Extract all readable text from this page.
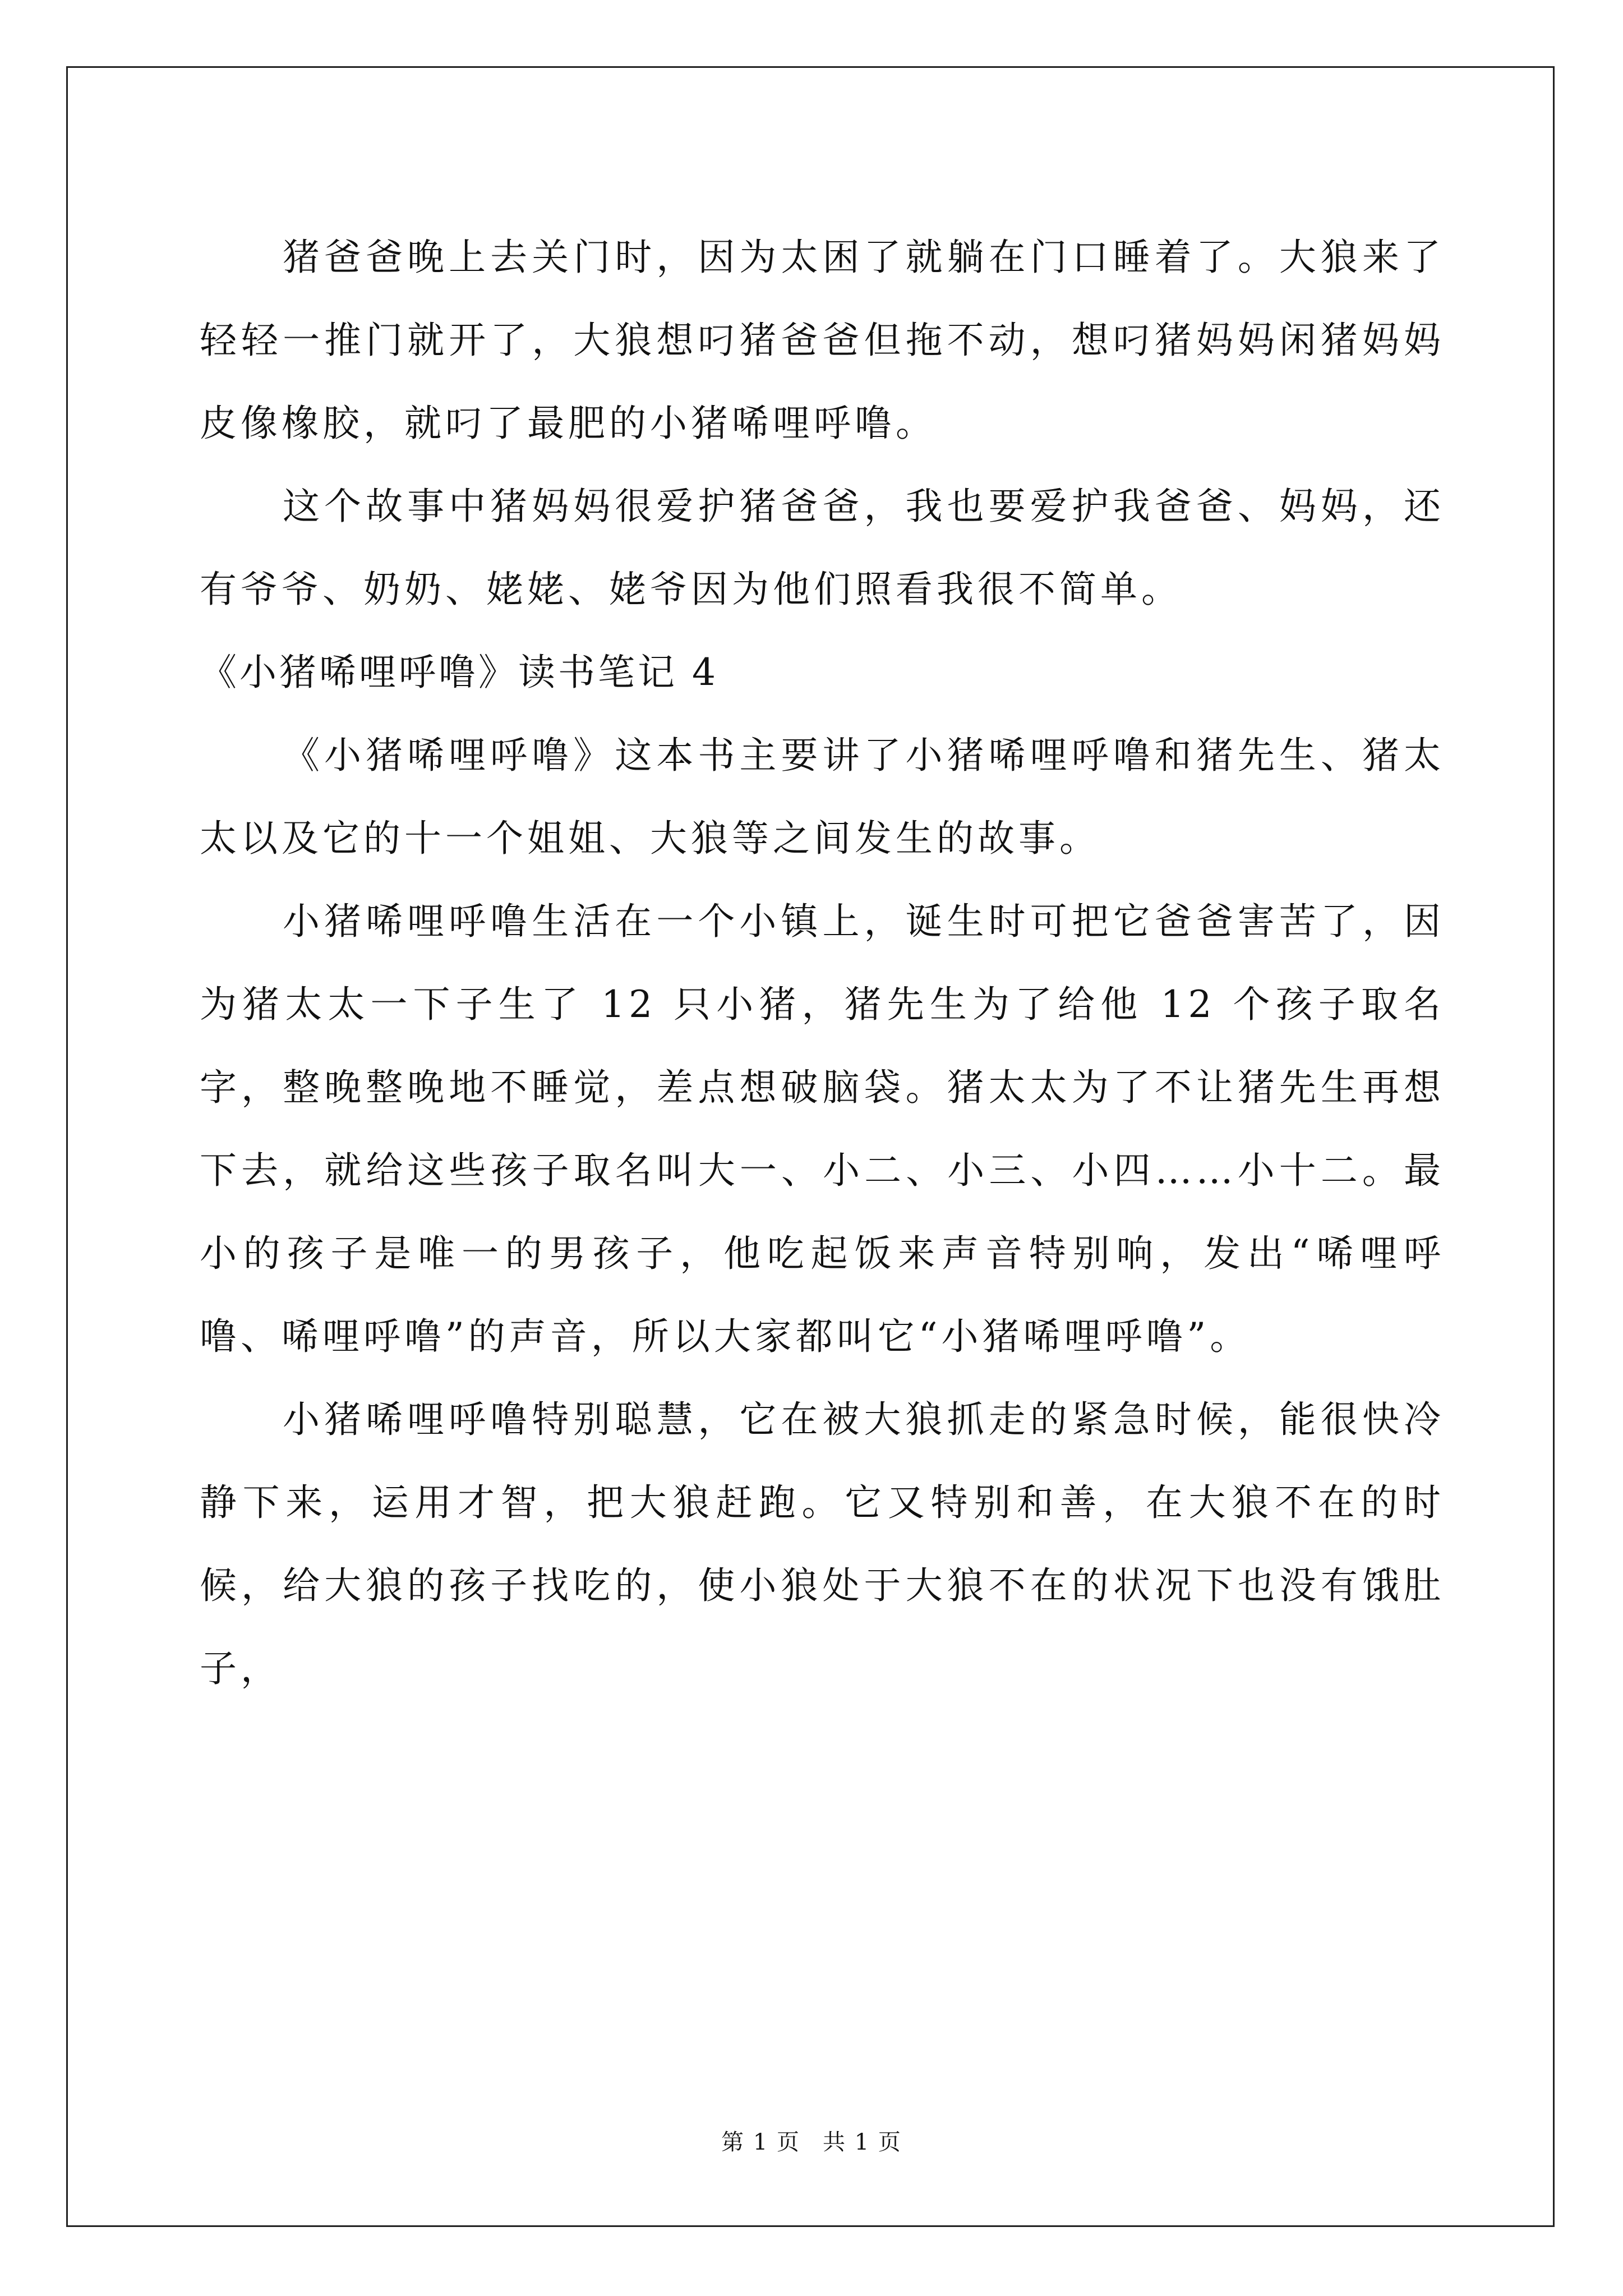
猪爸爸晚上去关门时，因为太困了就躺在门口睡着了。大狼来了轻轻一推门就开了，大狼想叼猪爸爸但拖不动，想叼猪妈妈闲猪妈妈皮像橡胶，就叼了最肥的小猪唏哩呼噜。

这个故事中猪妈妈很爱护猪爸爸，我也要爱护我爸爸、妈妈，还有爷爷、奶奶、姥姥、姥爷因为他们照看我很不简单。

《小猪唏哩呼噜》读书笔记 4

《小猪唏哩呼噜》这本书主要讲了小猪唏哩呼噜和猪先生、猪太太以及它的十一个姐姐、大狼等之间发生的故事。

小猪唏哩呼噜生活在一个小镇上，诞生时可把它爸爸害苦了，因为猪太太一下子生了 12 只小猪，猪先生为了给他 12 个孩子取名字，整晚整晚地不睡觉，差点想破脑袋。猪太太为了不让猪先生再想下去，就给这些孩子取名叫大一、小二、小三、小四……小十二。最小的孩子是唯一的男孩子，他吃起饭来声音特别响，发出“唏哩呼噜、唏哩呼噜”的声音，所以大家都叫它“小猪唏哩呼噜”。

小猪唏哩呼噜特别聪慧，它在被大狼抓走的紧急时候，能很快冷静下来，运用才智，把大狼赶跑。它又特别和善，在大狼不在的时候，给大狼的孩子找吃的，使小狼处于大狼不在的状况下也没有饿肚子，

第 1 页 共 1 页
